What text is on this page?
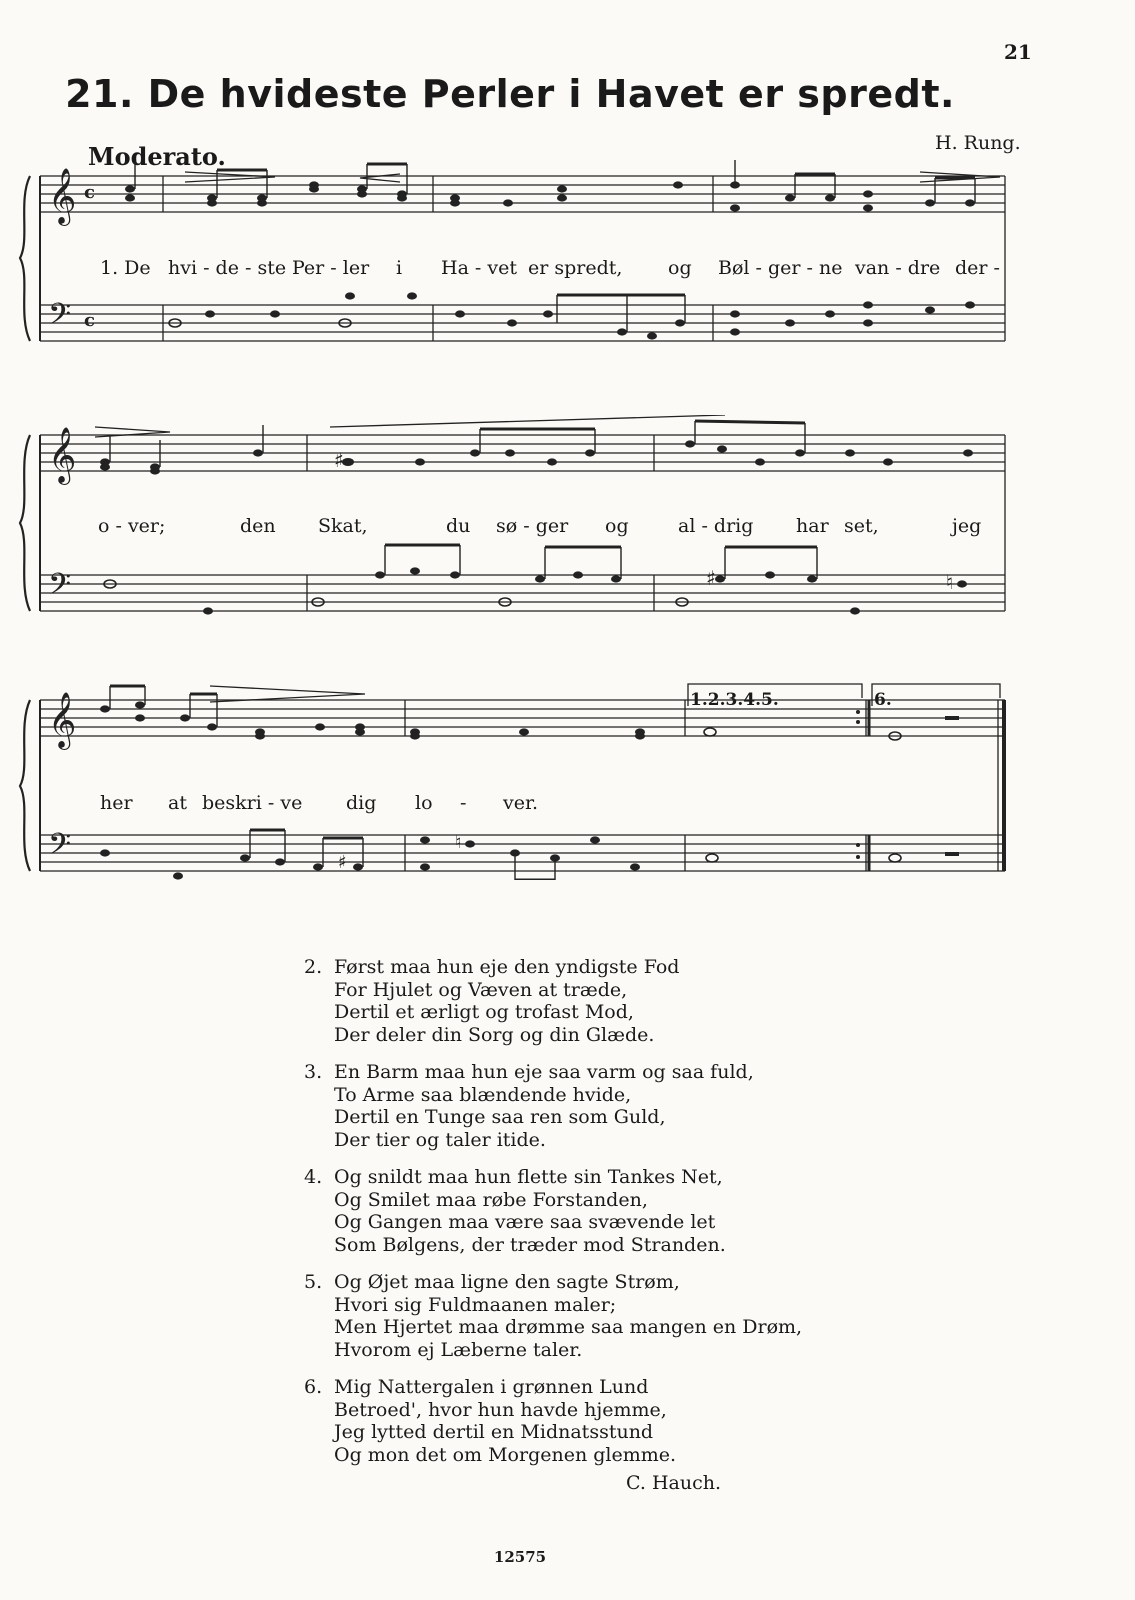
21
21. De hvideste Perler i Havet er spredt.
Moderato.	H. Rung.
𝄞 c
𝄢 c
1. De hvi - de - ste Per - ler i Ha - vet er spredt, og Bøl - ger - ne van - dre der -
𝄞
𝄢
♯
♯	♮
o - ver;	den Skat,	du sø - ger og	al - drig har set,	jeg
1.2.3.4.5.	6.
𝄞
𝄢	♯
♮
her at beskri - ve dig lo - ver.
2. Først maa hun eje den yndigste Fod
For Hjulet og Væven at træde,
Dertil et ærligt og trofast Mod,
Der deler din Sorg og din Glæde.
3. En Barm maa hun eje saa varm og saa fuld,
To Arme saa blændende hvide,
Dertil en Tunge saa ren som Guld,
Der tier og taler itide.
4. Og snildt maa hun flette sin Tankes Net,
Og Smilet maa røbe Forstanden,
Og Gangen maa være saa svævende let
Som Bølgens, der træder mod Stranden.
5. Og Øjet maa ligne den sagte Strøm,
Hvori sig Fuldmaanen maler;
Men Hjertet maa drømme saa mangen en Drøm,
Hvorom ej Læberne taler.
6. Mig Nattergalen i grønnen Lund
Betroed', hvor hun havde hjemme,
Jeg lytted dertil en Midnatsstund
Og mon det om Morgenen glemme.
C. Hauch.
12575
